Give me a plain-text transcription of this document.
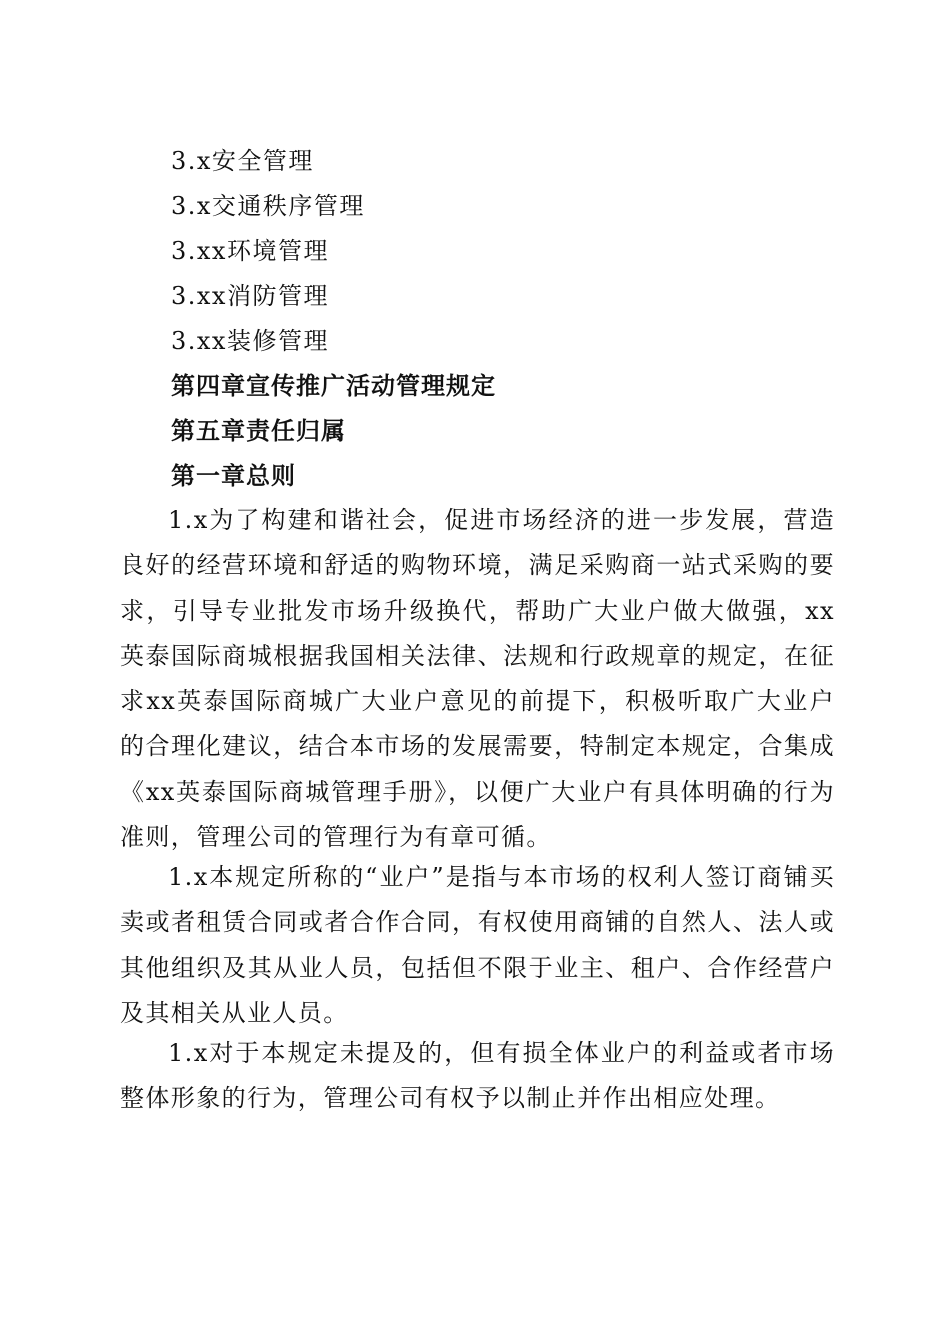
3.x安全管理
3.x交通秩序管理
3.xx环境管理
3.xx消防管理
3.xx装修管理
第四章宣传推广活动管理规定
第五章责任归属
第一章总则
1.x为了构建和谐社会，促进市场经济的进一步发展，营造良好的经营环境和舒适的购物环境，满足采购商一站式采购的要求，引导专业批发市场升级换代，帮助广大业户做大做强，xx英泰国际商城根据我国相关法律、法规和行政规章的规定，在征求xx英泰国际商城广大业户意见的前提下，积极听取广大业户的合理化建议，结合本市场的发展需要，特制定本规定，合集成《xx英泰国际商城管理手册》，以便广大业户有具体明确的行为准则，管理公司的管理行为有章可循。
1.x本规定所称的“业户”是指与本市场的权利人签订商铺买卖或者租赁合同或者合作合同，有权使用商铺的自然人、法人或其他组织及其从业人员，包括但不限于业主、租户、合作经营户及其相关从业人员。
1.x对于本规定未提及的，但有损全体业户的利益或者市场整体形象的行为，管理公司有权予以制止并作出相应处理。
